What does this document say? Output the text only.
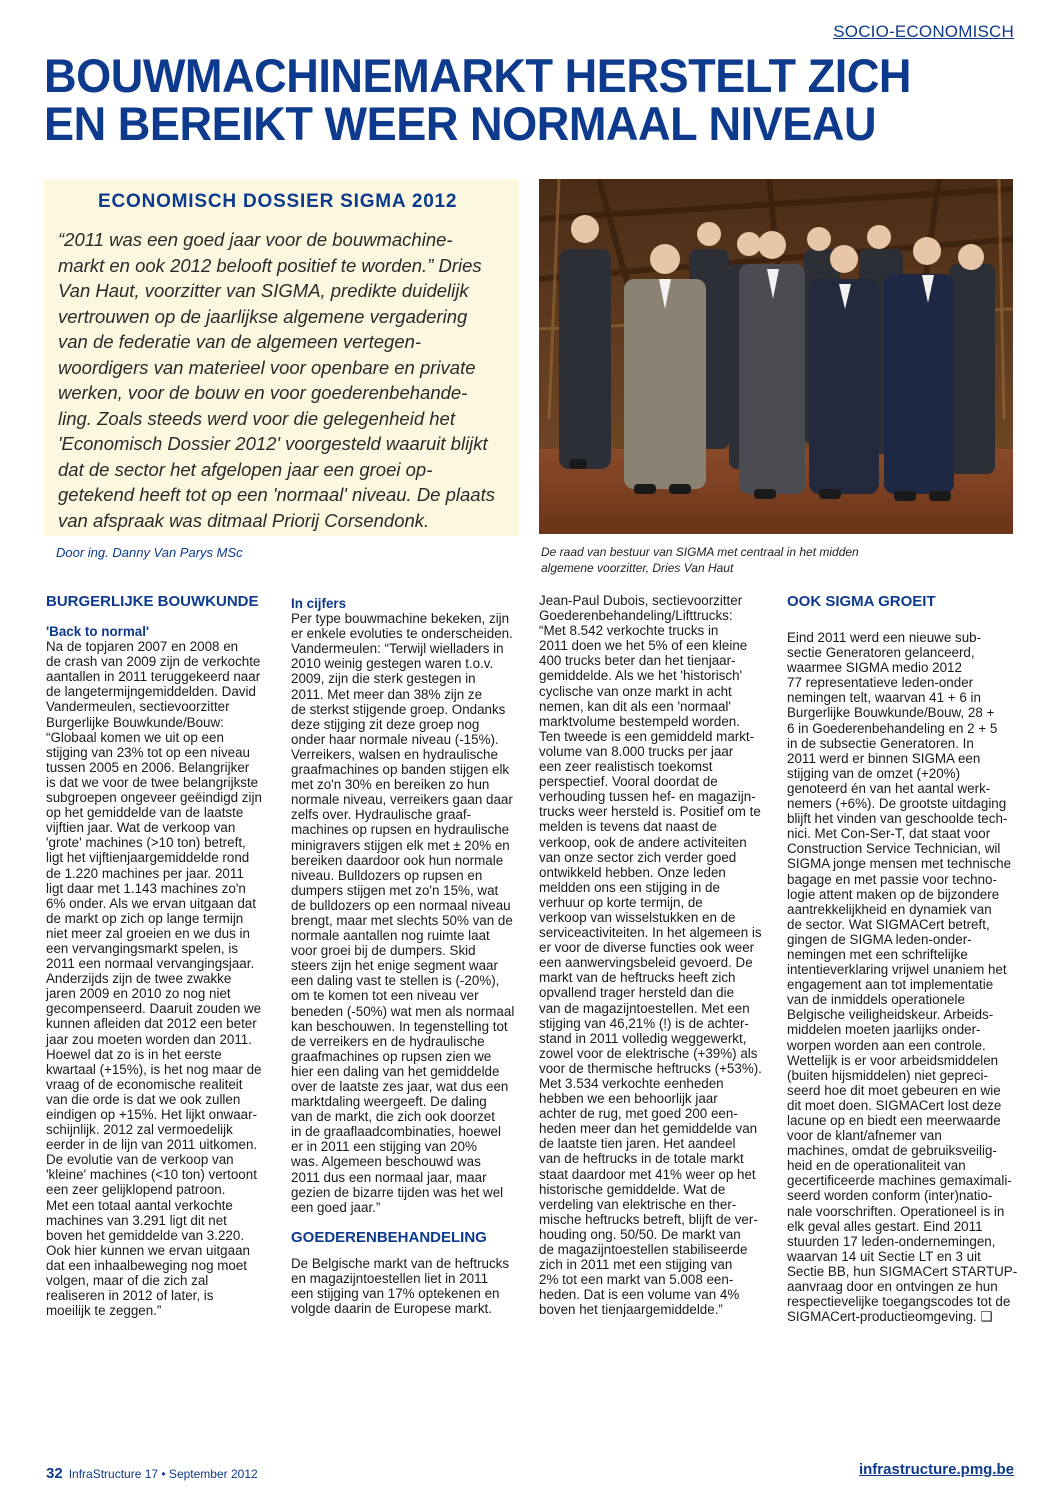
SOCIO-ECONOMISCH
BOUWMACHINEMARKT HERSTELT ZICH
EN BEREIKT WEER NORMAAL NIVEAU
ECONOMISCH DOSSIER SIGMA 2012
“2011 was een goed jaar voor de bouwmachine-
markt en ook 2012 belooft positief te worden.” Dries
Van Haut, voorzitter van SIGMA, predikte duidelijk
vertrouwen op de jaarlijkse algemene vergadering
van de federatie van de algemeen vertegen-
woordigers van materieel voor openbare en private
werken, voor de bouw en voor goederenbehande-
ling. Zoals steeds werd voor die gelegenheid het
'Economisch Dossier 2012' voorgesteld waaruit blijkt
dat de sector het afgelopen jaar een groei op-
getekend heeft tot op een 'normaal' niveau. De plaats
van afspraak was ditmaal Priorij Corsendonk.
Door ing. Danny Van Parys MSc	De raad van bestuur van SIGMA met centraal in het midden
algemene voorzitter, Dries Van Haut
BURGERLIJKE BOUWKUNDE
'Back to normal'
Na de topjaren 2007 en 2008 en
de crash van 2009 zijn de verkochte
aantallen in 2011 teruggekeerd naar
de langetermijngemiddelden. David
Vandermeulen, sectievoorzitter
Burgerlijke Bouwkunde/Bouw:
“Globaal komen we uit op een
stijging van 23% tot op een niveau
tussen 2005 en 2006. Belangrijker
is dat we voor de twee belangrijkste
subgroepen ongeveer geëindigd zijn
op het gemiddelde van de laatste
vijftien jaar. Wat de verkoop van
'grote' machines (>10 ton) betreft,
ligt het vijftienjaargemiddelde rond
de 1.220 machines per jaar. 2011
ligt daar met 1.143 machines zo'n
6% onder. Als we ervan uitgaan dat
de markt op zich op lange termijn
niet meer zal groeien en we dus in
een vervangingsmarkt spelen, is
2011 een normaal vervangingsjaar.
Anderzijds zijn de twee zwakke
jaren 2009 en 2010 zo nog niet
gecompenseerd. Daaruit zouden we
kunnen afleiden dat 2012 een beter
jaar zou moeten worden dan 2011.
Hoewel dat zo is in het eerste
kwartaal (+15%), is het nog maar de
vraag of de economische realiteit
van die orde is dat we ook zullen
eindigen op +15%. Het lijkt onwaar-
schijnlijk. 2012 zal vermoedelijk
eerder in de lijn van 2011 uitkomen.
De evolutie van de verkoop van
'kleine' machines (<10 ton) vertoont
een zeer gelijklopend patroon.
Met een totaal aantal verkochte
machines van 3.291 ligt dit net
boven het gemiddelde van 3.220.
Ook hier kunnen we ervan uitgaan
dat een inhaalbeweging nog moet
volgen, maar of die zich zal
realiseren in 2012 of later, is
moeilijk te zeggen.”
In cijfers
Per type bouwmachine bekeken, zijn
er enkele evoluties te onderscheiden.
Vandermeulen: “Terwijl wielladers in
2010 weinig gestegen waren t.o.v.
2009, zijn die sterk gestegen in
2011. Met meer dan 38% zijn ze
de sterkst stijgende groep. Ondanks
deze stijging zit deze groep nog
onder haar normale niveau (-15%).
Verreikers, walsen en hydraulische
graafmachines op banden stijgen elk
met zo'n 30% en bereiken zo hun
normale niveau, verreikers gaan daar
zelfs over. Hydraulische graaf-
machines op rupsen en hydraulische
minigravers stijgen elk met ± 20% en
bereiken daardoor ook hun normale
niveau. Bulldozers op rupsen en
dumpers stijgen met zo'n 15%, wat
de bulldozers op een normaal niveau
brengt, maar met slechts 50% van de
normale aantallen nog ruimte laat
voor groei bij de dumpers. Skid
steers zijn het enige segment waar
een daling vast te stellen is (-20%),
om te komen tot een niveau ver
beneden (-50%) wat men als normaal
kan beschouwen. In tegenstelling tot
de verreikers en de hydraulische
graafmachines op rupsen zien we
hier een daling van het gemiddelde
over de laatste zes jaar, wat dus een
marktdaling weergeeft. De daling
van de markt, die zich ook doorzet
in de graaflaadcombinaties, hoewel
er in 2011 een stijging van 20%
was. Algemeen beschouwd was
2011 dus een normaal jaar, maar
gezien de bizarre tijden was het wel
een goed jaar.”
GOEDERENBEHANDELING
De Belgische markt van de heftrucks
en magazijntoestellen liet in 2011
een stijging van 17% optekenen en
volgde daarin de Europese markt.
Jean-Paul Dubois, sectievoorzitter
Goederenbehandeling/Lifttrucks:
“Met 8.542 verkochte trucks in
2011 doen we het 5% of een kleine
400 trucks beter dan het tienjaar-
gemiddelde. Als we het 'historisch'
cyclische van onze markt in acht
nemen, kan dit als een 'normaal'
marktvolume bestempeld worden.
Ten tweede is een gemiddeld markt-
volume van 8.000 trucks per jaar
een zeer realistisch toekomst
perspectief. Vooral doordat de
verhouding tussen hef- en magazijn-
trucks weer hersteld is. Positief om te
melden is tevens dat naast de
verkoop, ook de andere activiteiten
van onze sector zich verder goed
ontwikkeld hebben. Onze leden
meldden ons een stijging in de
verhuur op korte termijn, de
verkoop van wisselstukken en de
serviceactiviteiten. In het algemeen is
er voor de diverse functies ook weer
een aanwervingsbeleid gevoerd. De
markt van de heftrucks heeft zich
opvallend trager hersteld dan die
van de magazijntoestellen. Met een
stijging van 46,21% (!) is de achter-
stand in 2011 volledig weggewerkt,
zowel voor de elektrische (+39%) als
voor de thermische heftrucks (+53%).
Met 3.534 verkochte eenheden
hebben we een behoorlijk jaar
achter de rug, met goed 200 een-
heden meer dan het gemiddelde van
de laatste tien jaren. Het aandeel
van de heftrucks in de totale markt
staat daardoor met 41% weer op het
historische gemiddelde. Wat de
verdeling van elektrische en ther-
mische heftrucks betreft, blijft de ver-
houding ong. 50/50. De markt van
de magazijntoestellen stabiliseerde
zich in 2011 met een stijging van
2% tot een markt van 5.008 een-
heden. Dat is een volume van 4%
boven het tienjaargemiddelde.”
OOK SIGMA GROEIT
Eind 2011 werd een nieuwe sub-
sectie Generatoren gelanceerd,
waarmee SIGMA medio 2012
77 representatieve leden-onder
nemingen telt, waarvan 41 + 6 in
Burgerlijke Bouwkunde/Bouw, 28 +
6 in Goederenbehandeling en 2 + 5
in de subsectie Generatoren. In
2011 werd er binnen SIGMA een
stijging van de omzet (+20%)
genoteerd én van het aantal werk-
nemers (+6%). De grootste uitdaging
blijft het vinden van geschoolde tech-
nici. Met Con-Ser-T, dat staat voor
Construction Service Technician, wil
SIGMA jonge mensen met technische
bagage en met passie voor techno-
logie attent maken op de bijzondere
aantrekkelijkheid en dynamiek van
de sector. Wat SIGMACert betreft,
gingen de SIGMA leden-onder-
nemingen met een schriftelijke
intentieverklaring vrijwel unaniem het
engagement aan tot implementatie
van de inmiddels operationele
Belgische veiligheidskeur. Arbeids-
middelen moeten jaarlijks onder-
worpen worden aan een controle.
Wettelijk is er voor arbeidsmiddelen
(buiten hijsmiddelen) niet gepreci-
seerd hoe dit moet gebeuren en wie
dit moet doen. SIGMACert lost deze
lacune op en biedt een meerwaarde
voor de klant/afnemer van
machines, omdat de gebruiksveilig-
heid en de operationaliteit van
gecertificeerde machines gemaximali-
seerd worden conform (inter)natio-
nale voorschriften. Operationeel is in
elk geval alles gestart. Eind 2011
stuurden 17 leden-ondernemingen,
waarvan 14 uit Sectie LT en 3 uit
Sectie BB, hun SIGMACert STARTUP-
aanvraag door en ontvingen ze hun
respectievelijke toegangscodes tot de
SIGMACert-productieomgeving. ❑
32 InfraStructure 17 • September 2012	infrastructure.pmg.be
